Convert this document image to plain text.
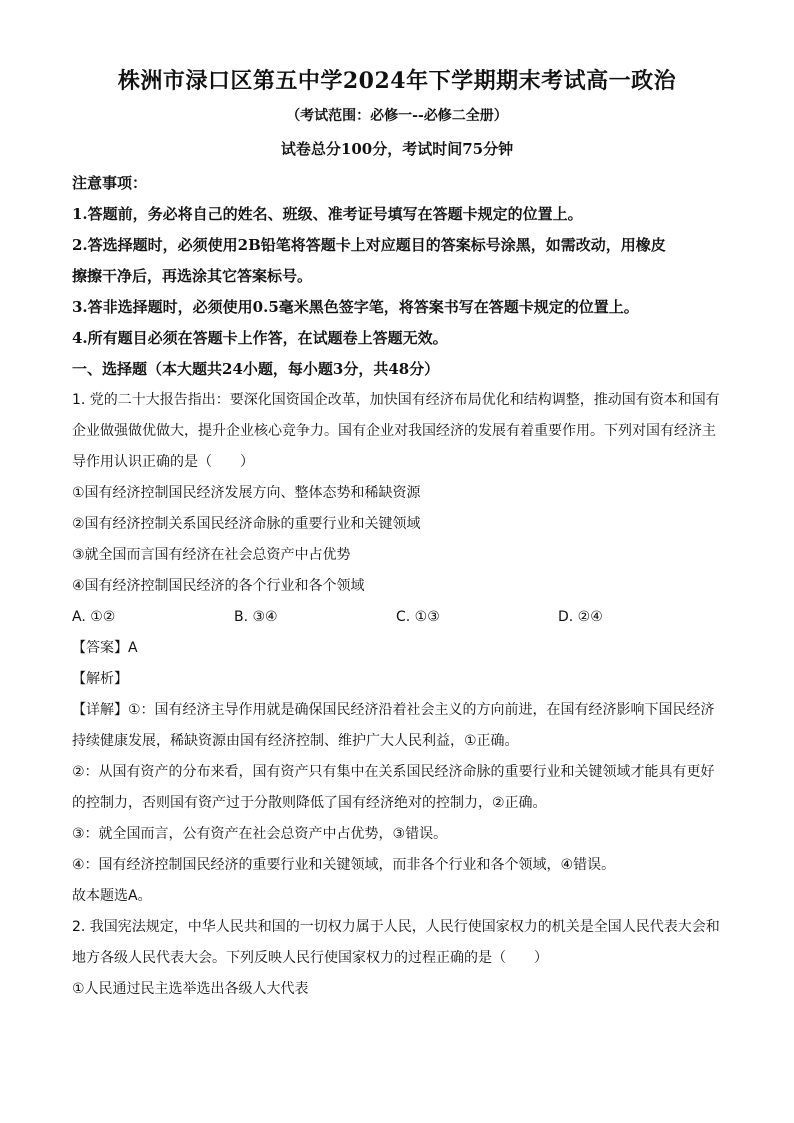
株洲市渌口区第五中学2024年下学期期末考试高一政治
（考试范围：必修一--必修二全册）
试卷总分100分，考试时间75分钟

注意事项：

1.答题前，务必将自己的姓名、班级、准考证号填写在答题卡规定的位置上。

2.答选择题时，必须使用2B铅笔将答题卡上对应题目的答案标号涂黑，如需改动，用橡皮

擦擦干净后，再选涂其它答案标号。

3.答非选择题时，必须使用0.5毫米黑色签字笔，将答案书写在答题卡规定的位置上。

4.所有题目必须在答题卡上作答，在试题卷上答题无效。

一、选择题（本大题共24小题，每小题3分，共48分）

1. 党的二十大报告指出：要深化国资国企改革，加快国有经济布局优化和结构调整，推动国有资本和国有

企业做强做优做大，提升企业核心竞争力。国有企业对我国经济的发展有着重要作用。下列对国有经济主

导作用认识正确的是（　　）

①国有经济控制国民经济发展方向、整体态势和稀缺资源

②国有经济控制关系国民经济命脉的重要行业和关键领域

③就全国而言国有经济在社会总资产中占优势

④国有经济控制国民经济的各个行业和各个领域

A. ①②	B. ③④	C. ①③	D. ②④

【答案】A

【解析】

【详解】①：国有经济主导作用就是确保国民经济沿着社会主义的方向前进，在国有经济影响下国民经济

持续健康发展，稀缺资源由国有经济控制、维护广大人民利益，①正确。

②：从国有资产的分布来看，国有资产只有集中在关系国民经济命脉的重要行业和关键领域才能具有更好

的控制力，否则国有资产过于分散则降低了国有经济绝对的控制力，②正确。

③：就全国而言，公有资产在社会总资产中占优势，③错误。

④：国有经济控制国民经济的重要行业和关键领域，而非各个行业和各个领域，④错误。

故本题选A。

2. 我国宪法规定，中华人民共和国的一切权力属于人民，人民行使国家权力的机关是全国人民代表大会和

地方各级人民代表大会。下列反映人民行使国家权力的过程正确的是（　　）

①人民通过民主选举选出各级人大代表
